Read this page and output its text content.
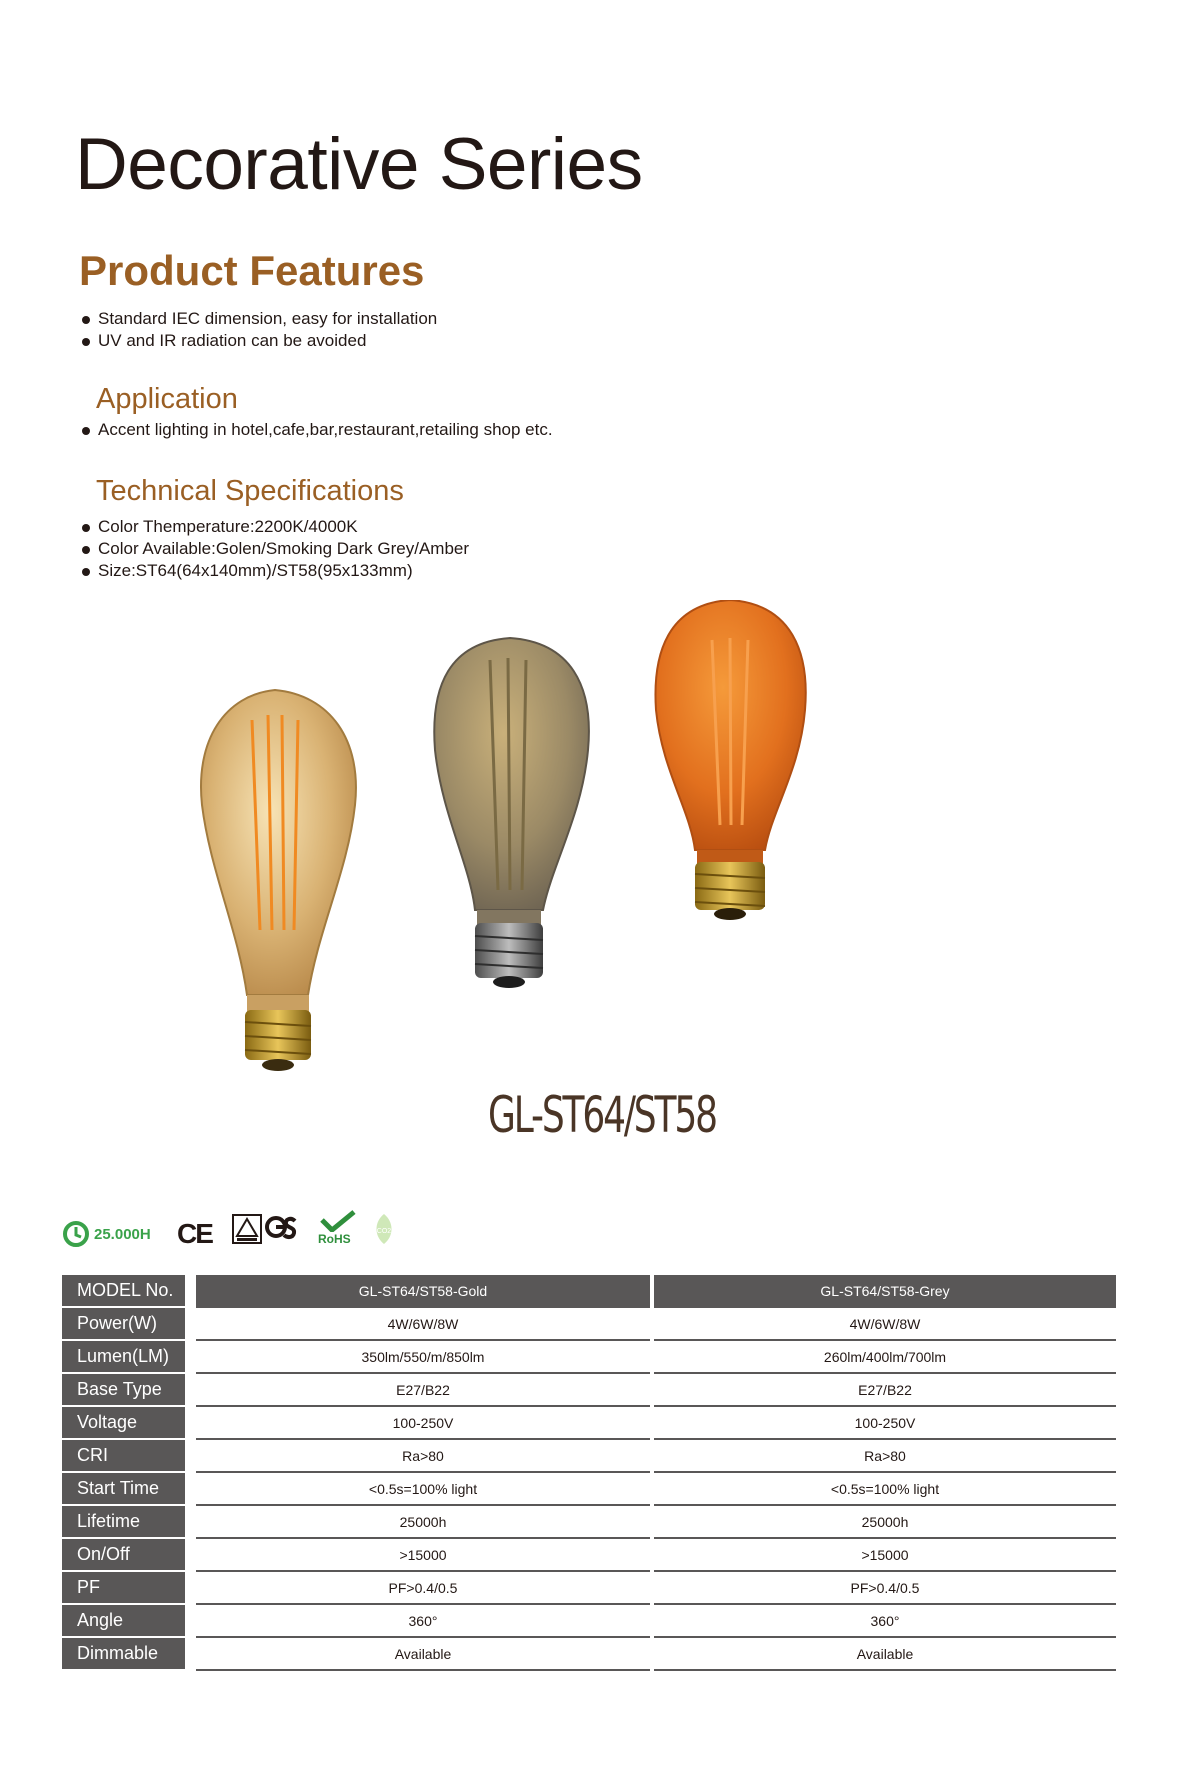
Decorative Series
Product Features
Standard IEC dimension, easy for installation
UV and IR radiation can be avoided
Application
Accent lighting in hotel,cafe,bar,restaurant,retailing shop etc.
Technical Specifications
Color Themperature:2200K/4000K
Color Available:Golen/Smoking Dark Grey/Amber
Size:ST64(64x140mm)/ST58(95x133mm)
GL-ST64/ST58
25.000H CE	RoHS
CO2
MODEL No.	GL-ST64/ST58-Gold	GL-ST64/ST58-Grey
Power(W)	4W/6W/8W	4W/6W/8W
Lumen(LM)	350lm/550/m/850lm	260lm/400lm/700lm
Base Type	E27/B22	E27/B22
Voltage	100-250V	100-250V
CRI	Ra>80	Ra>80
Start Time	<0.5s=100% light	<0.5s=100% light
Lifetime	25000h	25000h
On/Off	>15000	>15000
PF	PF>0.4/0.5	PF>0.4/0.5
Angle	360°	360°
Dimmable	Available	Available
